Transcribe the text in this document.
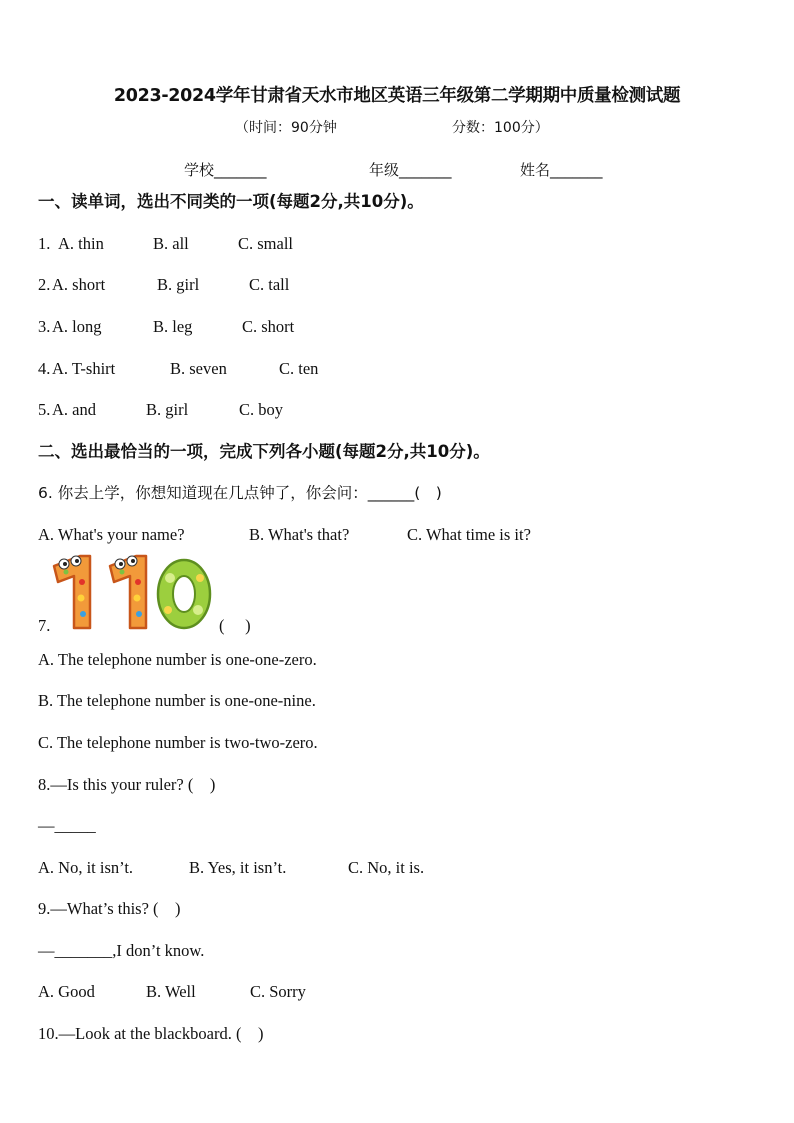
2023-2024学年甘肃省天水市地区英语三年级第二学期期中质量检测试题
（时间：90分钟	分数：100分）
学校_______	年级_______	姓名_______
一、读单词，选出不同类的一项(每题2分,共10分)。
1. A. thin	B. all	C. small
2. A. short	B. girl	C. tall
3. A. long	B. leg	C. short
4. A. T-shirt	B. seven	C. ten
5. A. and	B. girl	C. boy
二、选出最恰当的一项，完成下列各小题(每题2分,共10分)。
6. 你去上学，你想知道现在几点钟了，你会问：______(　)
A. What's your name?	B. What's that?	C. What time is it?
7.	(　 )
A. The telephone number is one-one-zero.
B. The telephone number is one-one-nine.
C. The telephone number is two-two-zero.
8.—Is this your ruler? (　)
—_____
A. No, it isn’t.	B. Yes, it isn’t.	C. No, it is.
9.—What’s this? (　)
—_______,I don’t know.
A. Good	B. Well	C. Sorry
10.—Look at the blackboard. (　)
